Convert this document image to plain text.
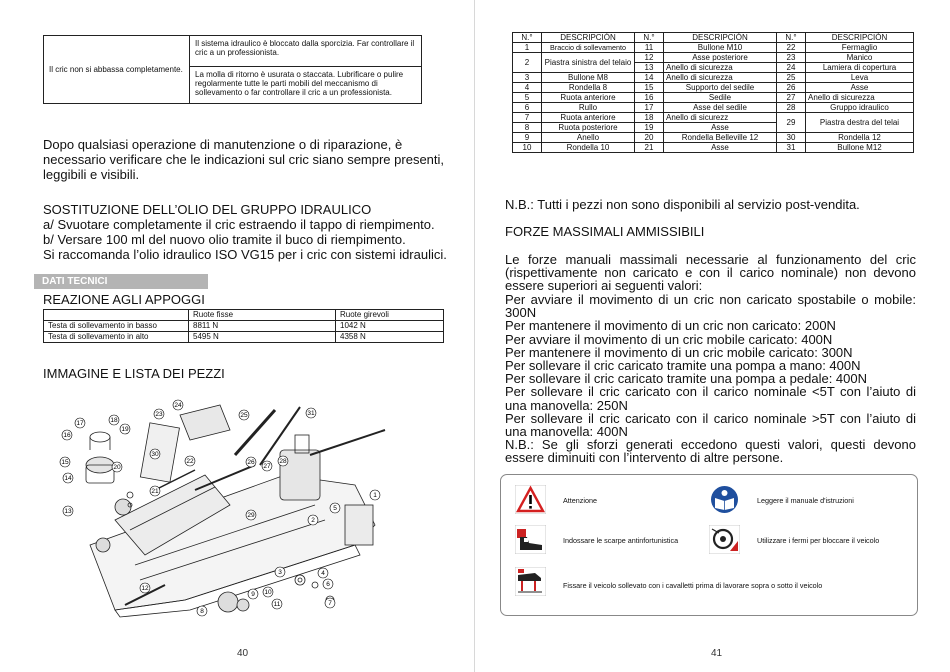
Il cric non si abbassa completamente.	Il sistema idraulico è bloccato dalla sporcizia. Far controllare il cric a un professionista.
La molla di ritorno è usurata o staccata. Lubrificare o pulire regolarmente tutte le parti mobili del meccanismo di sollevamento o far controllare il cric a un professionista.
Dopo qualsiasi operazione di manutenzione o di riparazione, è
necessario verificare che le indicazioni sul cric siano sempre presenti,
leggibili e visibili.
SOSTITUZIONE DELL’OLIO DEL GRUPPO IDRAULICO
a/ Svuotare completamente il cric estraendo il tappo di riempimento.
b/ Versare 100 ml del nuovo olio tramite il buco di riempimento.
Si raccomanda l’olio idraulico ISO VG15 per i cric con sistemi idraulici.
DATI TECNICI
REAZIONE AGLI APPOGGI
	Ruote fisse	Ruote girevoli
Testa di sollevamento in basso	8811 N	1042 N
Testa di sollevamento in alto	5495 N	4358 N
IMMAGINE E LISTA DEI PEZZI
1
2
3	4
5
6
7
8
9 10
11
12
13
14
15
16
17	18
19
20
21
22
23
24
25
26
27
28
29
30
31
40
N.°	DESCRIPCIÓN	N.°	DESCRIPCIÓN	N.°	DESCRIPCIÓN
1	Braccio di sollevamento	11	Bullone M10	22	Fermaglio
2	Piastra sinistra del telaio	12	Asse posteriore	23	Manico
		13	Anello di sicurezza	24	Lamiera di copertura
3	Bullone M8	14	Anello di sicurezza	25	Leva
4	Rondella 8	15	Supporto del sedile	26	Asse
5	Ruota anteriore	16	Sedile	27	Anello di sicurezza
6	Rullo	17	Asse del sedile	28	Gruppo idraulico
7	Ruota anteriore	18	Anello di sicurezz	29	Piastra destra del telai
8	Ruota posteriore	19	Asse		
9	Anello	20	Rondella Belleville 12	30	Rondella 12
10	Rondella 10	21	Asse	31	Bullone M12
N.B.: Tutti i pezzi non sono disponibili al servizio post-vendita.
FORZE MASSIMALI AMMISSIBILI
Le forze manuali massimali necessarie al funzionamento del cric
(rispettivamente non caricato e con il carico nominale) non devono
essere superiori ai seguenti valori:
Per avviare il movimento di un cric non caricato spostabile o mobile:
300N
Per mantenere il movimento di un cric non caricato: 200N
Per avviare il movimento di un cric mobile caricato: 400N
Per mantenere il movimento di un cric mobile caricato: 300N
Per sollevare il cric caricato tramite una pompa a mano: 400N
Per sollevare il cric caricato tramite una pompa a pedale: 400N
Per sollevare il cric caricato con il carico nominale <5T con l’aiuto di
una manovella: 250N
Per sollevare il cric caricato con il carico nominale >5T con l’aiuto di
una manovella: 400N
N.B.: Se gli sforzi generati eccedono questi valori, questi devono
essere diminuiti con l’intervento di altre persone.
Attenzione	Leggere il manuale d'istruzioni
Indossare le scarpe antinfortunistica	Utilizzare i fermi per bloccare il veicolo
Fissare il veicolo sollevato con i cavalletti prima di lavorare sopra o sotto il veicolo
41
